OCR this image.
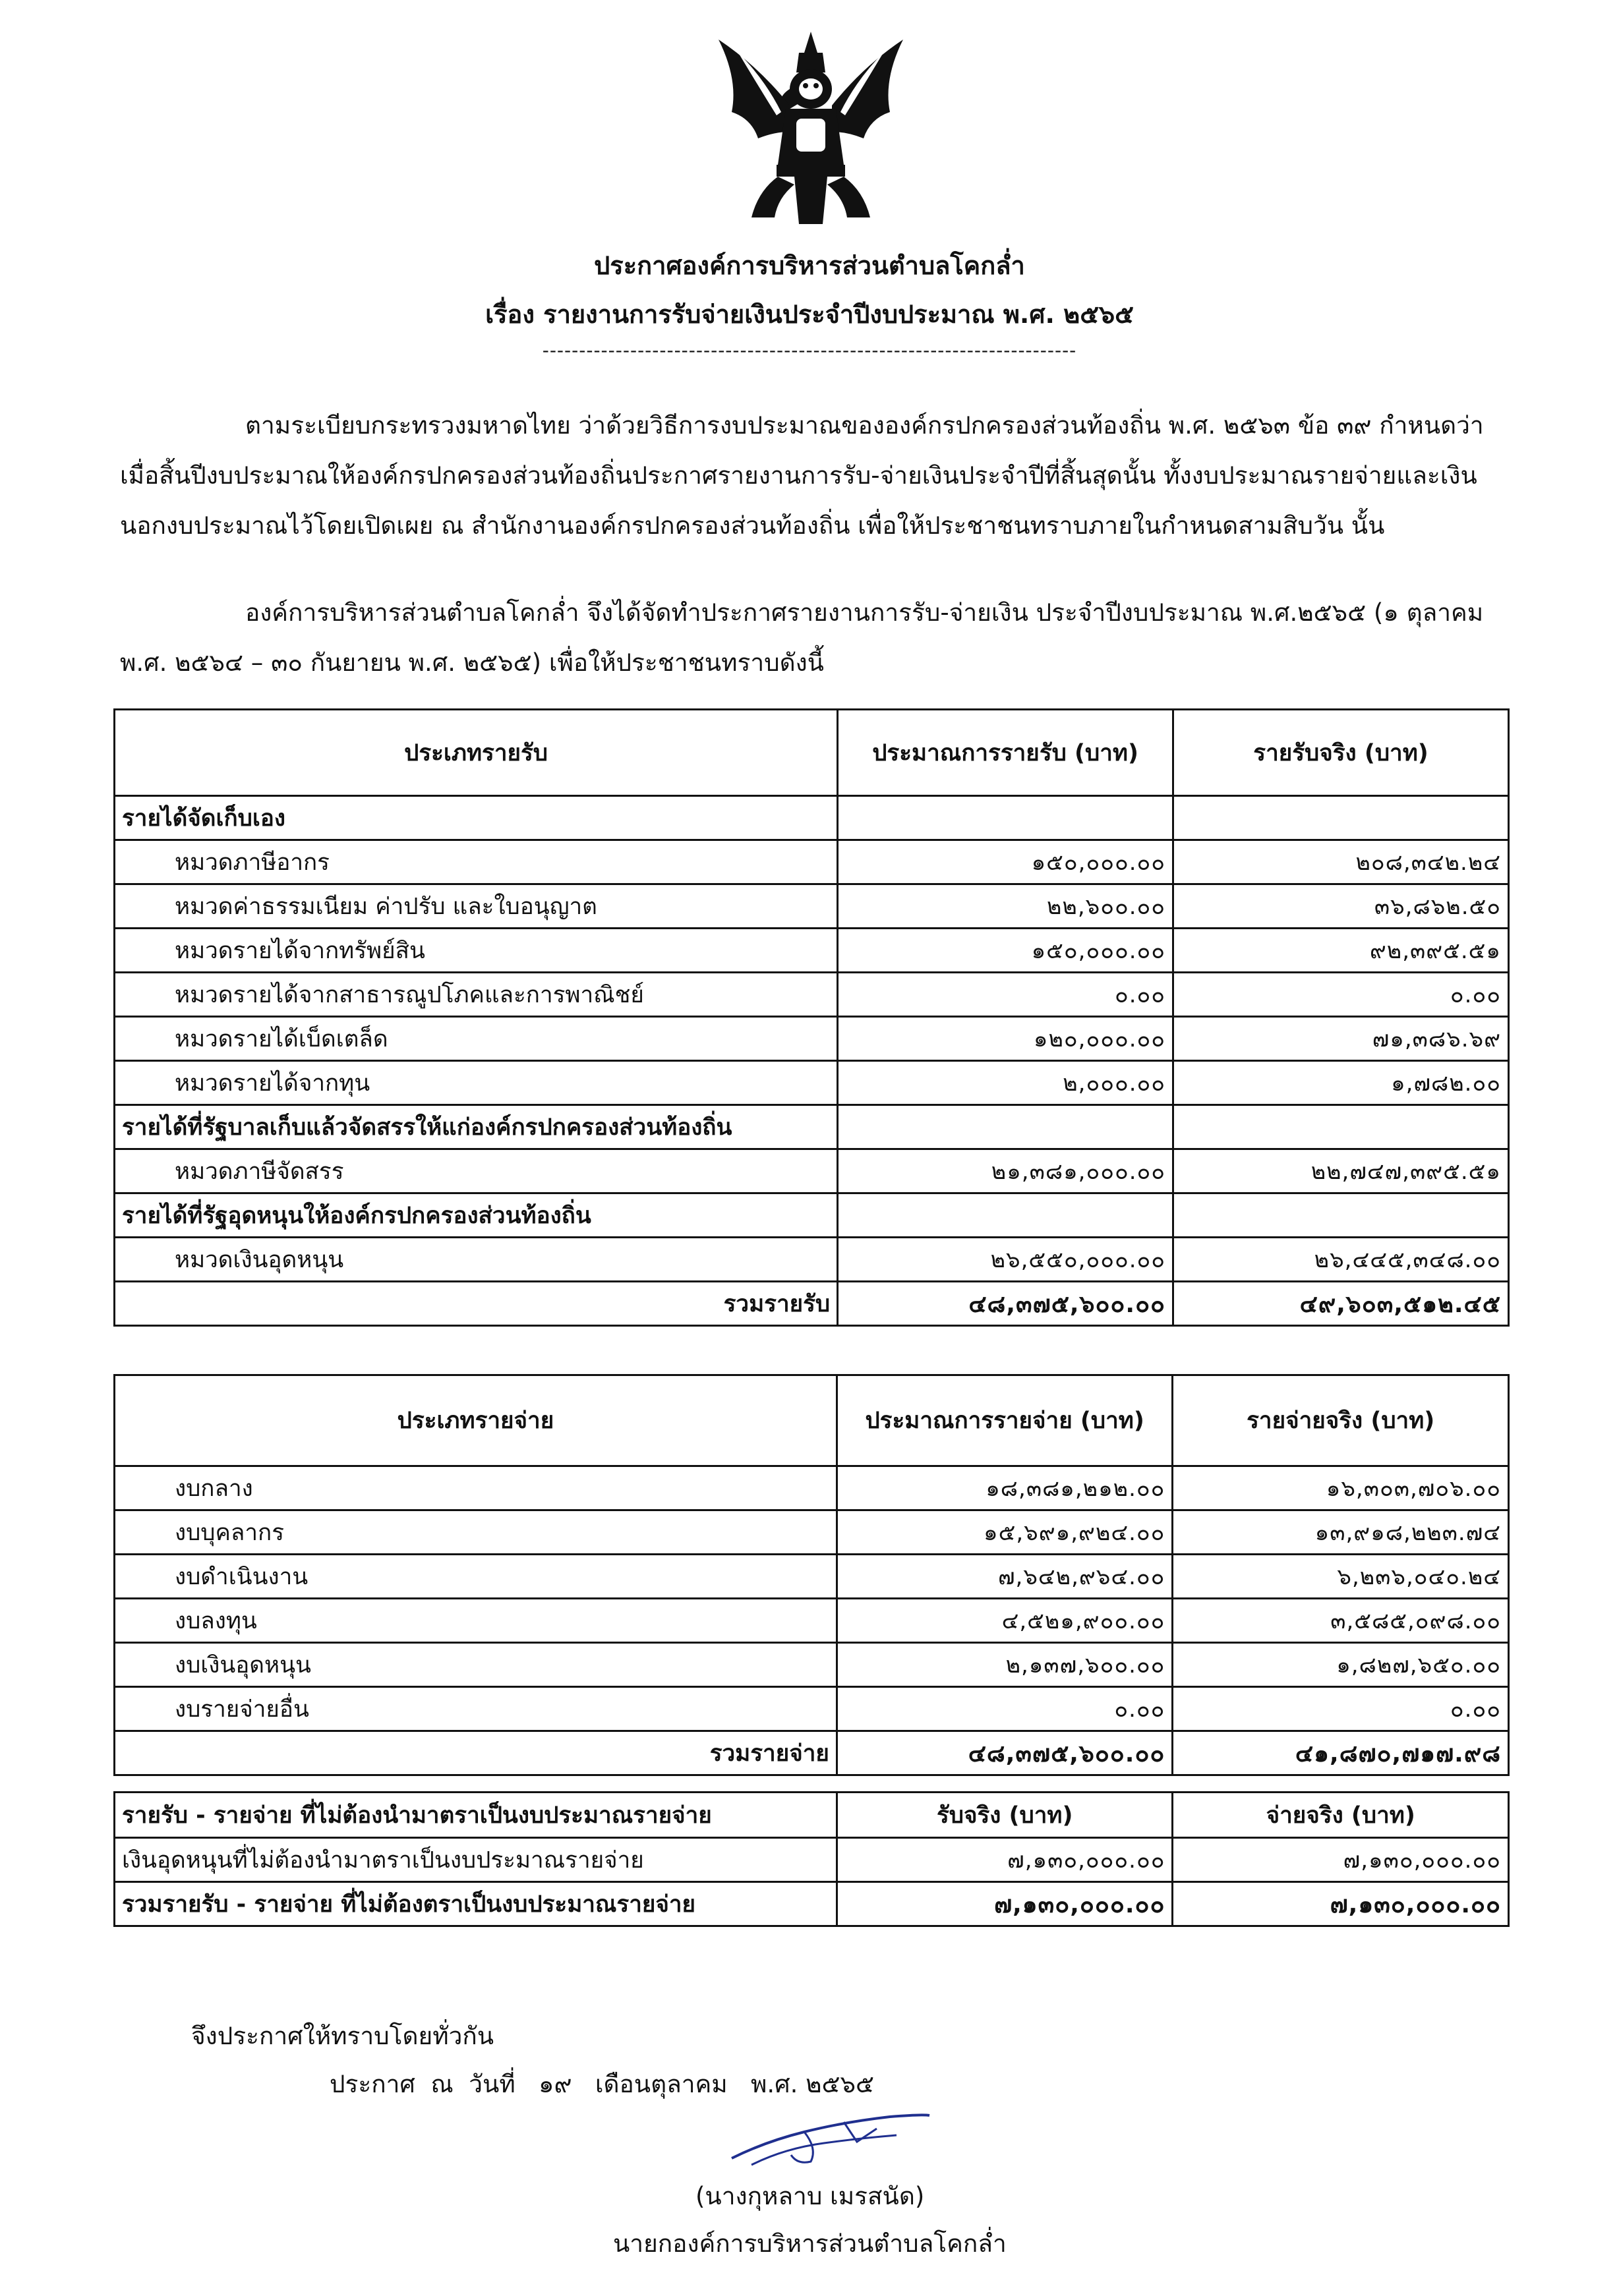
ประกาศองค์การบริหารส่วนตำบลโคกล่ำ
เรื่อง รายงานการรับจ่ายเงินประจำปีงบประมาณ พ.ศ. ๒๕๖๕
-------------------------------------------------------------------------
ตามระเบียบกระทรวงมหาดไทย ว่าด้วยวิธีการงบประมาณขององค์กรปกครองส่วนท้องถิ่น พ.ศ. ๒๕๖๓ ข้อ ๓๙ กำหนดว่า
เมื่อสิ้นปีงบประมาณให้องค์กรปกครองส่วนท้องถิ่นประกาศรายงานการรับ-จ่ายเงินประจำปีที่สิ้นสุดนั้น ทั้งงบประมาณรายจ่ายและเงิน
นอกงบประมาณไว้โดยเปิดเผย ณ สำนักงานองค์กรปกครองส่วนท้องถิ่น เพื่อให้ประชาชนทราบภายในกำหนดสามสิบวัน นั้น
องค์การบริหารส่วนตำบลโคกล่ำ จึงได้จัดทำประกาศรายงานการรับ-จ่ายเงิน ประจำปีงบประมาณ พ.ศ.๒๕๖๕ (๑ ตุลาคม
พ.ศ. ๒๕๖๔ – ๓๐ กันยายน พ.ศ. ๒๕๖๕) เพื่อให้ประชาชนทราบดังนี้
ประเภทรายรับ	ประมาณการรายรับ (บาท)	รายรับจริง (บาท)
รายได้จัดเก็บเอง		
หมวดภาษีอากร	๑๕๐,๐๐๐.๐๐	๒๐๘,๓๔๒.๒๔
หมวดค่าธรรมเนียม ค่าปรับ และใบอนุญาต	๒๒,๖๐๐.๐๐	๓๖,๘๖๒.๕๐
หมวดรายได้จากทรัพย์สิน	๑๕๐,๐๐๐.๐๐	๙๒,๓๙๕.๕๑
หมวดรายได้จากสาธารณูปโภคและการพาณิชย์	๐.๐๐	๐.๐๐
หมวดรายได้เบ็ดเตล็ด	๑๒๐,๐๐๐.๐๐	๗๑,๓๘๖.๖๙
หมวดรายได้จากทุน	๒,๐๐๐.๐๐	๑,๗๘๒.๐๐
รายได้ที่รัฐบาลเก็บแล้วจัดสรรให้แก่องค์กรปกครองส่วนท้องถิ่น		
หมวดภาษีจัดสรร	๒๑,๓๘๑,๐๐๐.๐๐	๒๒,๗๔๗,๓๙๕.๕๑
รายได้ที่รัฐอุดหนุนให้องค์กรปกครองส่วนท้องถิ่น		
หมวดเงินอุดหนุน	๒๖,๕๕๐,๐๐๐.๐๐	๒๖,๔๔๕,๓๔๘.๐๐
รวมรายรับ	๔๘,๓๗๕,๖๐๐.๐๐	๔๙,๖๐๓,๕๑๒.๔๕
ประเภทรายจ่าย	ประมาณการรายจ่าย (บาท)	รายจ่ายจริง (บาท)
งบกลาง	๑๘,๓๘๑,๒๑๒.๐๐	๑๖,๓๐๓,๗๐๖.๐๐
งบบุคลากร	๑๕,๖๙๑,๙๒๔.๐๐	๑๓,๙๑๘,๒๒๓.๗๔
งบดำเนินงาน	๗,๖๔๒,๙๖๔.๐๐	๖,๒๓๖,๐๔๐.๒๔
งบลงทุน	๔,๕๒๑,๙๐๐.๐๐	๓,๕๘๕,๐๙๘.๐๐
งบเงินอุดหนุน	๒,๑๓๗,๖๐๐.๐๐	๑,๘๒๗,๖๕๐.๐๐
งบรายจ่ายอื่น	๐.๐๐	๐.๐๐
รวมรายจ่าย	๔๘,๓๗๕,๖๐๐.๐๐	๔๑,๘๗๐,๗๑๗.๙๘
รายรับ - รายจ่าย ที่ไม่ต้องนำมาตราเป็นงบประมาณรายจ่าย	รับจริง (บาท)	จ่ายจริง (บาท)
เงินอุดหนุนที่ไม่ต้องนำมาตราเป็นงบประมาณรายจ่าย	๗,๑๓๐,๐๐๐.๐๐	๗,๑๓๐,๐๐๐.๐๐
รวมรายรับ - รายจ่าย ที่ไม่ต้องตราเป็นงบประมาณรายจ่าย	๗,๑๓๐,๐๐๐.๐๐	๗,๑๓๐,๐๐๐.๐๐
จึงประกาศให้ทราบโดยทั่วกัน
ประกาศ  ณ  วันที่   ๑๙   เดือนตุลาคม   พ.ศ. ๒๕๖๕
(นางกุหลาบ เมรสนัด)
นายกองค์การบริหารส่วนตำบลโคกล่ำ
